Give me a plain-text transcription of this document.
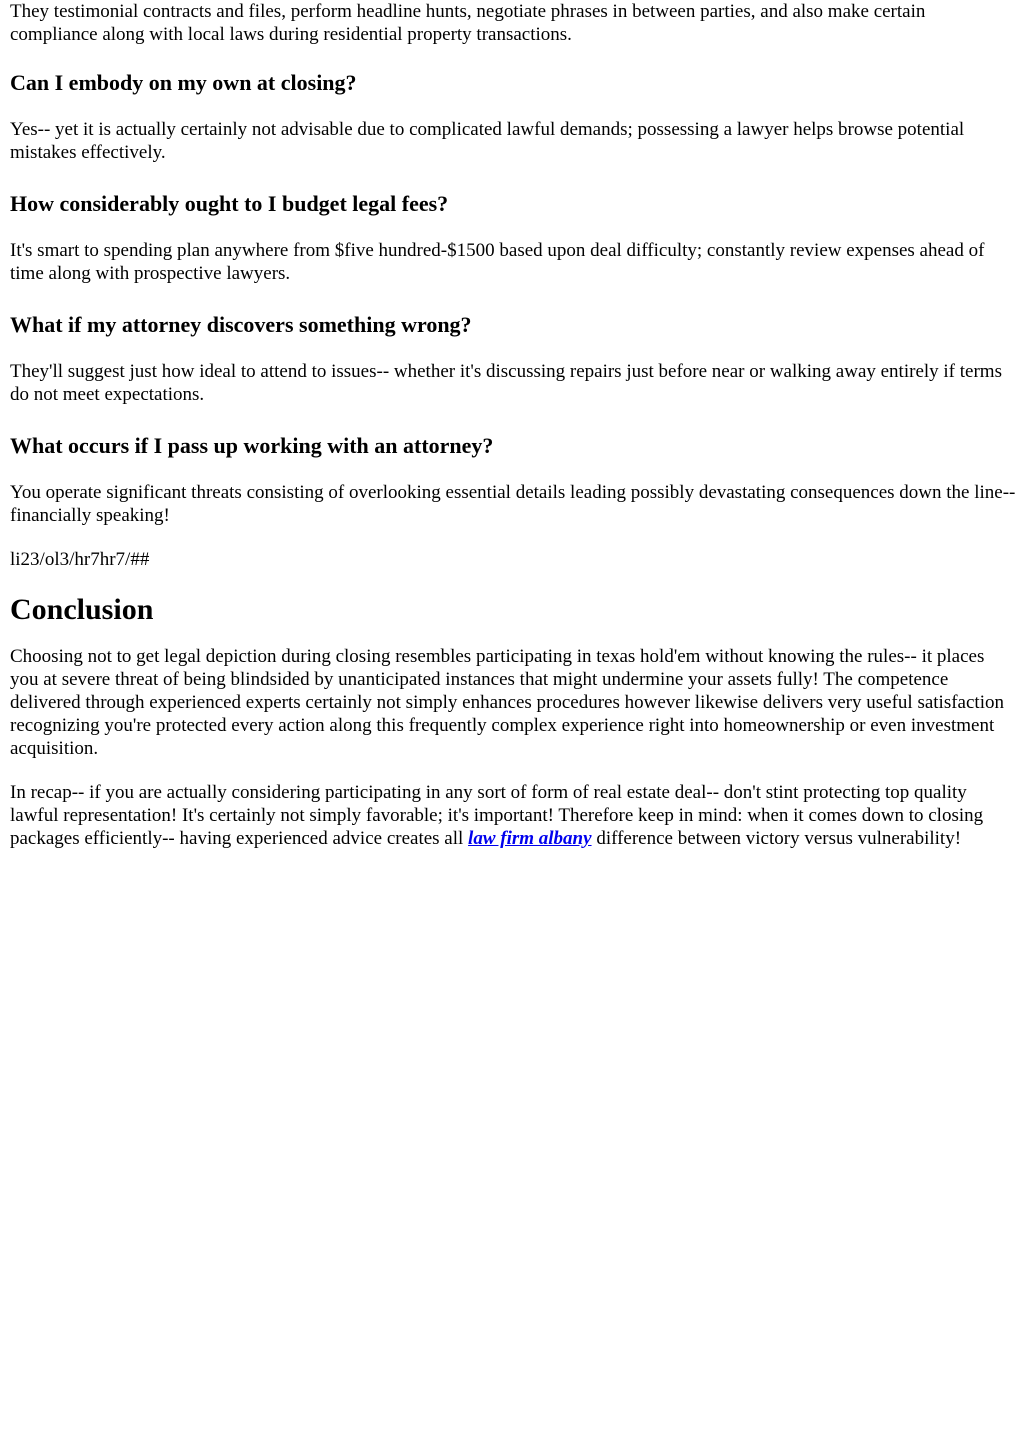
They testimonial contracts and files, perform headline hunts, negotiate phrases in between parties, and also make certain compliance along with local laws during residential property transactions.

Can I embody on my own at closing?

Yes-- yet it is actually certainly not advisable due to complicated lawful demands; possessing a lawyer helps browse potential mistakes effectively.

How considerably ought to I budget legal fees?

It's smart to spending plan anywhere from $five hundred-$1500 based upon deal difficulty; constantly review expenses ahead of time along with prospective lawyers.

What if my attorney discovers something wrong?

They'll suggest just how ideal to attend to issues-- whether it's discussing repairs just before near or walking away entirely if terms do not meet expectations.

What occurs if I pass up working with an attorney?

You operate significant threats consisting of overlooking essential details leading possibly devastating consequences down the line-- financially speaking!

li23/ol3/hr7hr7/##

Conclusion

Choosing not to get legal depiction during closing resembles participating in texas hold'em without knowing the rules-- it places you at severe threat of being blindsided by unanticipated instances that might undermine your assets fully! The competence delivered through experienced experts certainly not simply enhances procedures however likewise delivers very useful satisfaction recognizing you're protected every action along this frequently complex experience right into homeownership or even investment acquisition.

In recap-- if you are actually considering participating in any sort of form of real estate deal-- don't stint protecting top quality lawful representation! It's certainly not simply favorable; it's important! Therefore keep in mind: when it comes down to closing packages efficiently-- having experienced advice creates all law firm albany difference between victory versus vulnerability!
